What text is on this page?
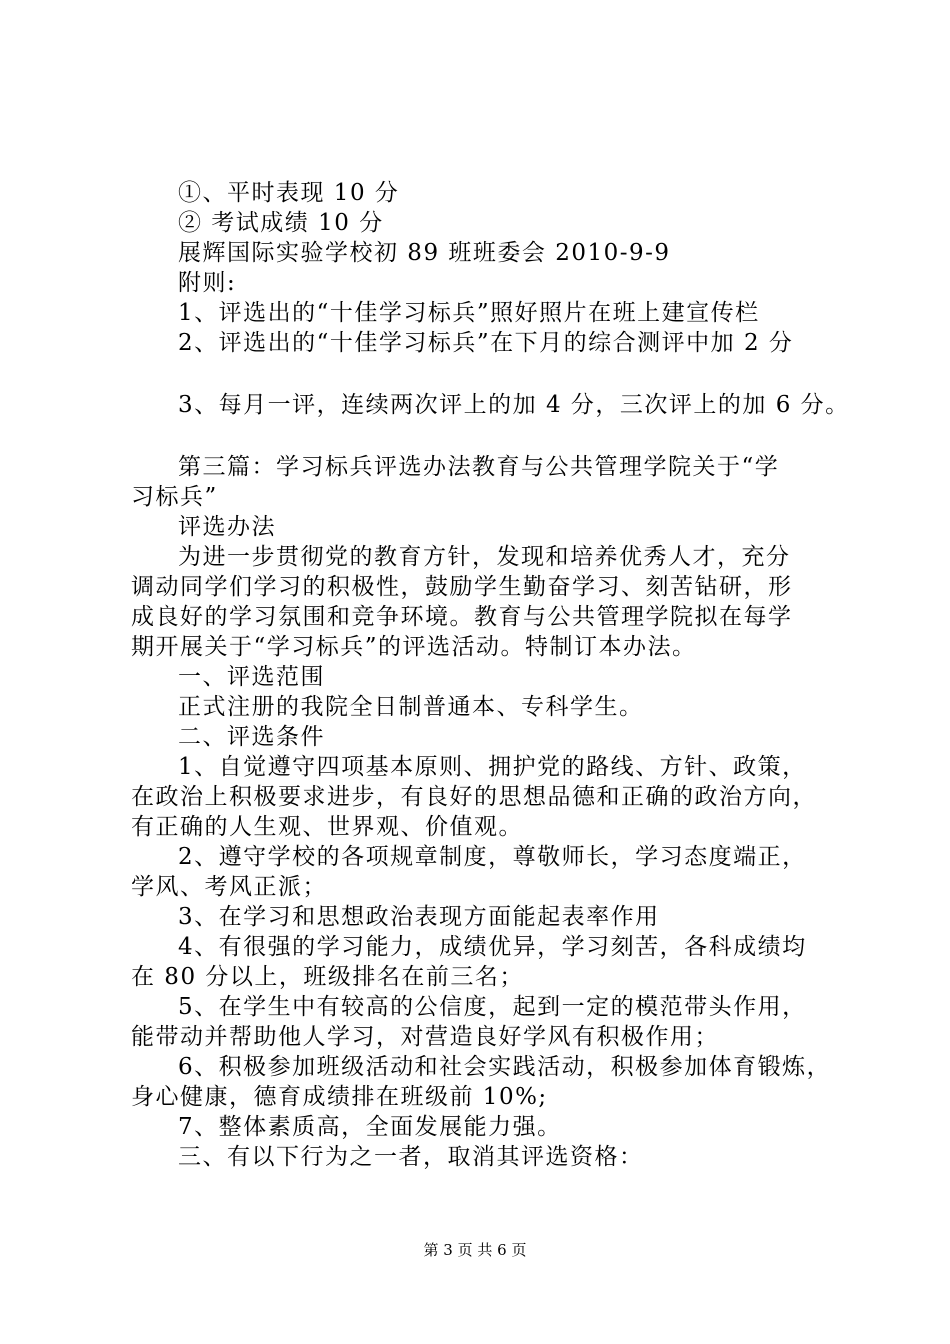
①、平时表现 10 分

② 考试成绩 10 分

展辉国际实验学校初 89 班班委会 2010-9-9

附则:

1、评选出的“十佳学习标兵”照好照片在班上建宣传栏

2、评选出的“十佳学习标兵”在下月的综合测评中加 2 分

3、每月一评，连续两次评上的加 4 分，三次评上的加 6 分。

第三篇：学习标兵评选办法教育与公共管理学院关于“学

习标兵”

评选办法

为进一步贯彻党的教育方针，发现和培养优秀人才，充分

调动同学们学习的积极性，鼓励学生勤奋学习、刻苦钻研，形

成良好的学习氛围和竞争环境。教育与公共管理学院拟在每学

期开展关于“学习标兵”的评选活动。特制订本办法。

一、评选范围

正式注册的我院全日制普通本、专科学生。

二、评选条件

1、自觉遵守四项基本原则、拥护党的路线、方针、政策，

在政治上积极要求进步，有良好的思想品德和正确的政治方向，

有正确的人生观、世界观、价值观。

2、遵守学校的各项规章制度，尊敬师长，学习态度端正，

学风、考风正派；

3、在学习和思想政治表现方面能起表率作用

4、有很强的学习能力，成绩优异，学习刻苦，各科成绩均

在 80 分以上，班级排名在前三名；

5、在学生中有较高的公信度，起到一定的模范带头作用，

能带动并帮助他人学习，对营造良好学风有积极作用；

6、积极参加班级活动和社会实践活动，积极参加体育锻炼，

身心健康，德育成绩排在班级前 10%;

7、整体素质高，全面发展能力强。

三、有以下行为之一者，取消其评选资格：

第 3 页 共 6 页
